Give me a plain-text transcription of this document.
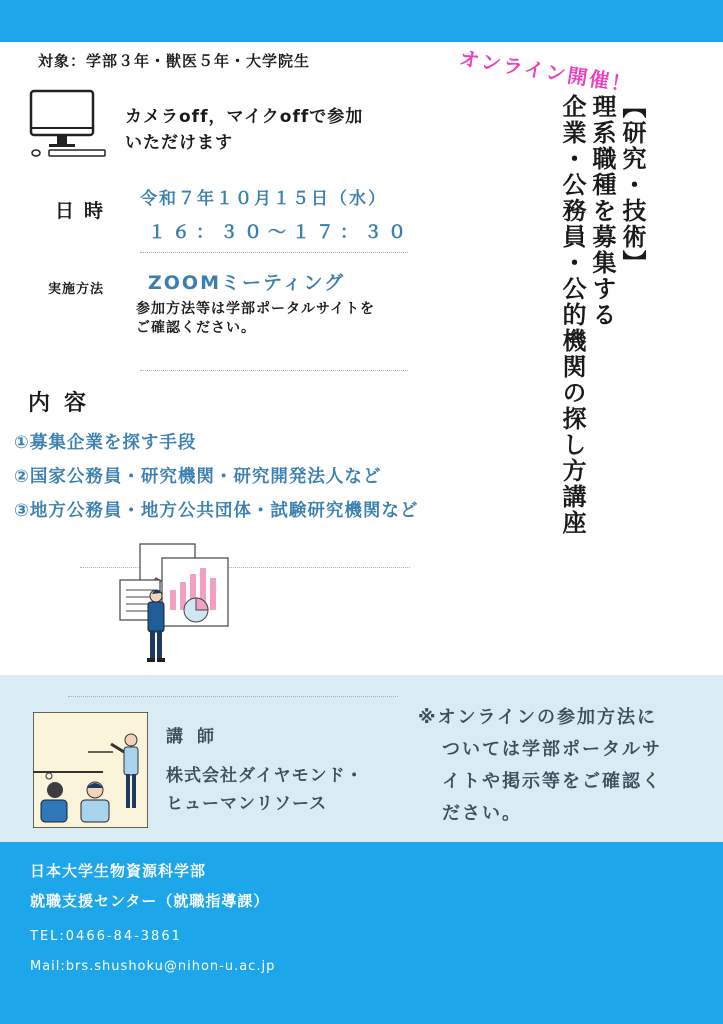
対象：学部３年・獣医５年・大学院生	オンライン開催！
カメラoff，マイクoffで参加
いただけます
日時
令和７年１０月１５日（水）
１６：３０〜１７：３０
実施方法 ZOOMミーティング
参加方法等は学部ポータルサイトを
ご確認ください。
内容
①募集企業を探す手段
②国家公務員・研究機関・研究開発法人など
③地方公務員・地方公共団体・試験研究機関など
【研究・技術】
理系職種を募集する
企業・公務員・公的機関の探し方講座
講師
株式会社ダイヤモンド・
ヒューマンリソース
※オンラインの参加方法に
ついては学部ポータルサ
イトや掲示等をご確認く
ださい。
日本大学生物資源科学部
就職支援センター（就職指導課）
TEL:0466-84-3861
Mail:brs.shushoku@nihon-u.ac.jp
